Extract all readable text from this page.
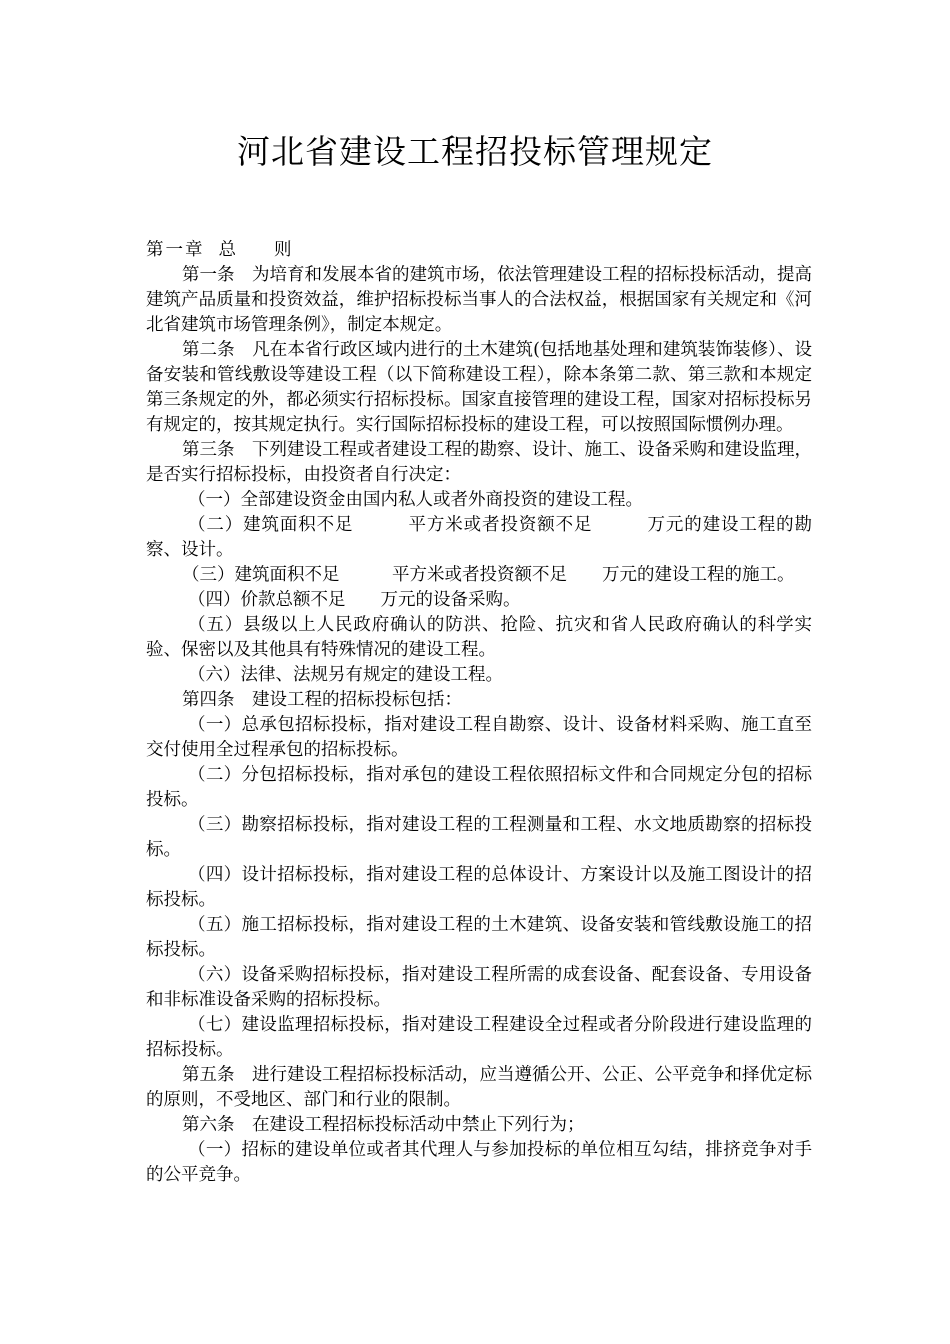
河北省建设工程招投标管理规定

第一章 总 则

第一条　为培育和发展本省的建筑市场，依法管理建设工程的招标投标活动，提高建筑产品质量和投资效益，维护招标投标当事人的合法权益，根据国家有关规定和《河北省建筑市场管理条例》，制定本规定。

第二条　凡在本省行政区域内进行的土木建筑(包括地基处理和建筑装饰装修）、设备安装和管线敷设等建设工程（以下简称建设工程），除本条第二款、第三款和本规定第三条规定的外，都必须实行招标投标。国家直接管理的建设工程，国家对招标投标另有规定的，按其规定执行。实行国际招标投标的建设工程，可以按照国际惯例办理。

第三条　下列建设工程或者建设工程的勘察、设计、施工、设备采购和建设监理，是否实行招标投标，由投资者自行决定：

（一）全部建设资金由国内私人或者外商投资的建设工程。

（二）建筑面积不足　　　平方米或者投资额不足　　　万元的建设工程的勘察、设计。

（三）建筑面积不足　　　平方米或者投资额不足　　万元的建设工程的施工。

（四）价款总额不足　　万元的设备采购。

（五）县级以上人民政府确认的防洪、抢险、抗灾和省人民政府确认的科学实验、保密以及其他具有特殊情况的建设工程。

（六）法律、法规另有规定的建设工程。

第四条　建设工程的招标投标包括：

（一）总承包招标投标，指对建设工程自勘察、设计、设备材料采购、施工直至交付使用全过程承包的招标投标。

（二）分包招标投标，指对承包的建设工程依照招标文件和合同规定分包的招标投标。

（三）勘察招标投标，指对建设工程的工程测量和工程、水文地质勘察的招标投标。

（四）设计招标投标，指对建设工程的总体设计、方案设计以及施工图设计的招标投标。

（五）施工招标投标，指对建设工程的土木建筑、设备安装和管线敷设施工的招标投标。

（六）设备采购招标投标，指对建设工程所需的成套设备、配套设备、专用设备和非标准设备采购的招标投标。

（七）建设监理招标投标，指对建设工程建设全过程或者分阶段进行建设监理的招标投标。

第五条　进行建设工程招标投标活动，应当遵循公开、公正、公平竞争和择优定标的原则，不受地区、部门和行业的限制。

第六条　在建设工程招标投标活动中禁止下列行为；

（一）招标的建设单位或者其代理人与参加投标的单位相互勾结，排挤竞争对手的公平竞争。
